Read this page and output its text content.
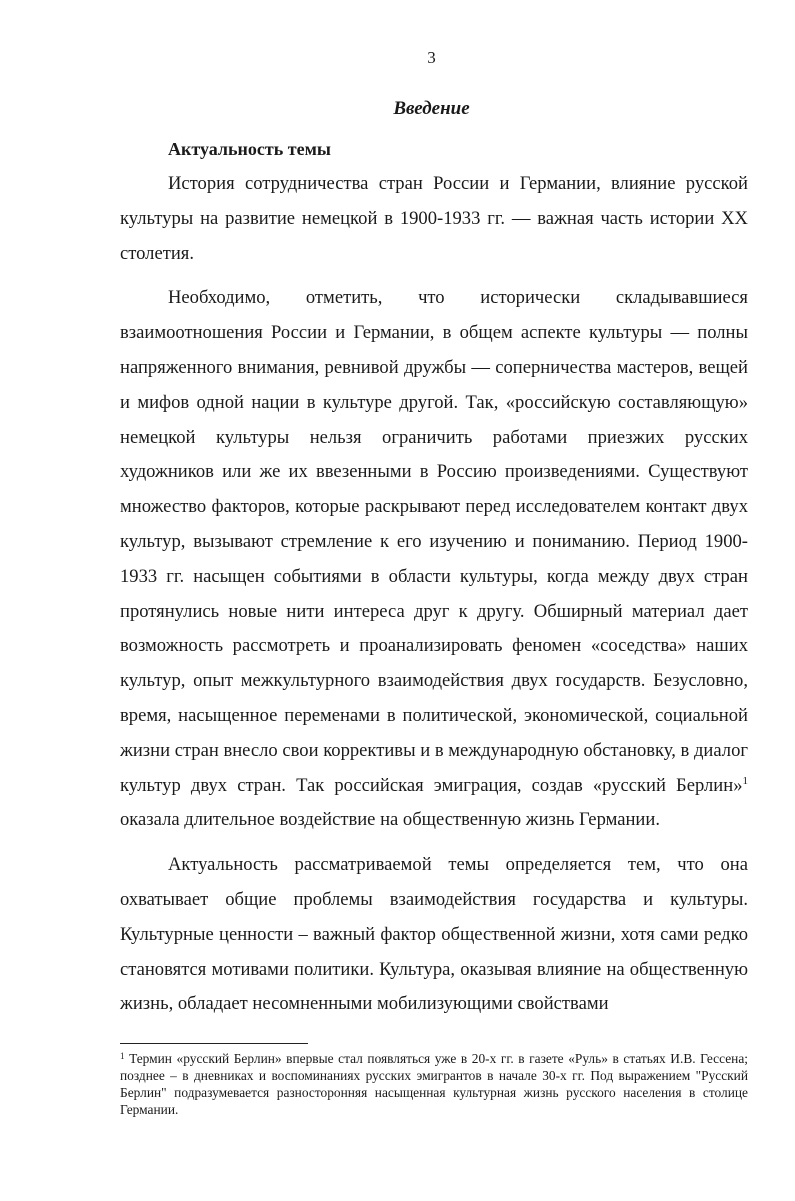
3
Введение
Актуальность темы

История сотрудничества стран России и Германии, влияние русской культуры на развитие немецкой в 1900-1933 гг. — важная часть истории XX столетия.

Необходимо, отметить, что исторически складывавшиеся взаимоотношения России и Германии, в общем аспекте культуры — полны напряженного внимания, ревнивой дружбы — соперничества мастеров, вещей и мифов одной нации в культуре другой. Так, «российскую составляющую» немецкой культуры нельзя ограничить работами приезжих русских художников или же их ввезенными в Россию произведениями. Существуют множество факторов, которые раскрывают перед исследователем контакт двух культур, вызывают стремление к его изучению и пониманию. Период 1900-1933 гг. насыщен событиями в области культуры, когда между двух стран протянулись новые нити интереса друг к другу. Обширный материал дает возможность рассмотреть и проанализировать феномен «соседства» наших культур, опыт межкультурного взаимодействия двух государств. Безусловно, время, насыщенное переменами в политической, экономической, социальной жизни стран внесло свои коррективы и в международную обстановку, в диалог культур двух стран. Так российская эмиграция, создав «русский Берлин»$^1$ оказала длительное воздействие на общественную жизнь Германии.

Актуальность рассматриваемой темы определяется тем, что она охватывает общие проблемы взаимодействия государства и культуры. Культурные ценности – важный фактор общественной жизни, хотя сами редко становятся мотивами политики. Культура, оказывая влияние на общественную жизнь, обладает несомненными мобилизующими свойствами

$^1$ Термин «русский Берлин» впервые стал появляться уже в 20-х гг. в газете «Руль» в статьях И.В. Гессена; позднее – в дневниках и воспоминаниях русских эмигрантов в начале 30-х гг. Под выражением "Русский Берлин" подразумевается разносторонняя насыщенная культурная жизнь русского населения в столице Германии.
